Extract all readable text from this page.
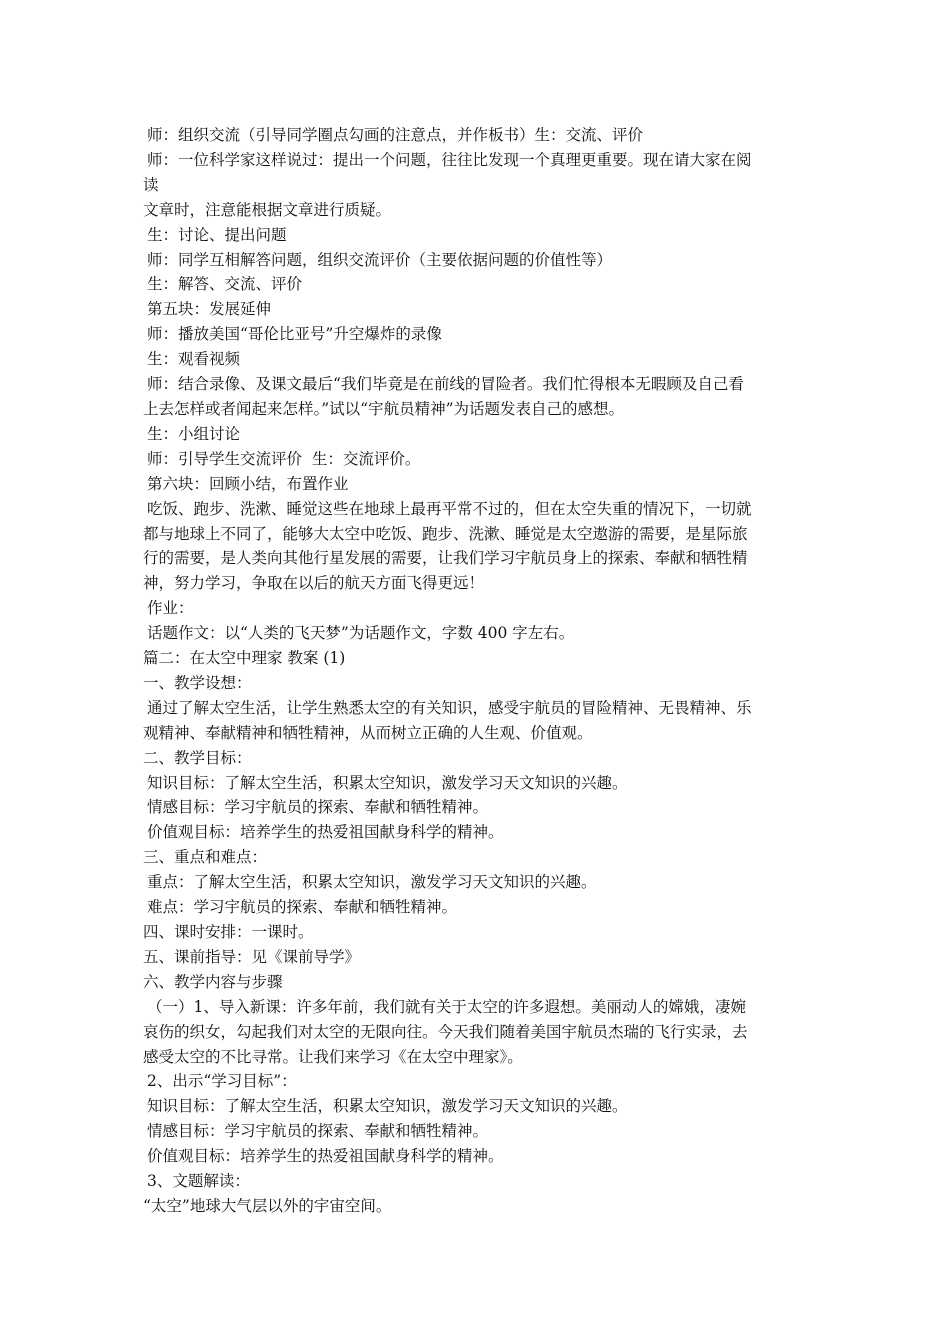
师：组织交流（引导同学圈点勾画的注意点，并作板书）生：交流、评价

师：一位科学家这样说过：提出一个问题，往往比发现一个真理更重要。现在请大家在阅

读

文章时，注意能根据文章进行质疑。

生：讨论、提出问题

师：同学互相解答问题，组织交流评价（主要依据问题的价值性等）

生：解答、交流、评价

第五块：发展延伸

师：播放美国“哥伦比亚号”升空爆炸的录像

生：观看视频

师：结合录像、及课文最后“我们毕竟是在前线的冒险者。我们忙得根本无暇顾及自己看

上去怎样或者闻起来怎样。”试以“宇航员精神”为话题发表自己的感想。

生：小组讨论

师：引导学生交流评价  生：交流评价。

第六块：回顾小结，布置作业

吃饭、跑步、洗漱、睡觉这些在地球上最再平常不过的，但在太空失重的情况下，一切就

都与地球上不同了，能够大太空中吃饭、跑步、洗漱、睡觉是太空遨游的需要，是星际旅

行的需要，是人类向其他行星发展的需要，让我们学习宇航员身上的探索、奉献和牺牲精

神，努力学习，争取在以后的航天方面飞得更远！

作业：

话题作文：以“人类的飞天梦”为话题作文，字数 400 字左右。

篇二：在太空中理家 教案 (1)

一、教学设想：

通过了解太空生活，让学生熟悉太空的有关知识，感受宇航员的冒险精神、无畏精神、乐

观精神、奉献精神和牺牲精神，从而树立正确的人生观、价值观。

二、教学目标：

知识目标：了解太空生活，积累太空知识，激发学习天文知识的兴趣。

情感目标：学习宇航员的探索、奉献和牺牲精神。

价值观目标：培养学生的热爱祖国献身科学的精神。

三、重点和难点：

重点：了解太空生活，积累太空知识，激发学习天文知识的兴趣。

难点：学习宇航员的探索、奉献和牺牲精神。

四、课时安排：一课时。

五、课前指导：见《课前导学》

六、教学内容与步骤

（一）1、导入新课：许多年前，我们就有关于太空的许多遐想。美丽动人的嫦娥，凄婉

哀伤的织女，勾起我们对太空的无限向往。今天我们随着美国宇航员杰瑞的飞行实录，去

感受太空的不比寻常。让我们来学习《在太空中理家》。

2、出示“学习目标”：

知识目标：了解太空生活，积累太空知识，激发学习天文知识的兴趣。

情感目标：学习宇航员的探索、奉献和牺牲精神。

价值观目标：培养学生的热爱祖国献身科学的精神。

3、文题解读：

“太空”地球大气层以外的宇宙空间。
